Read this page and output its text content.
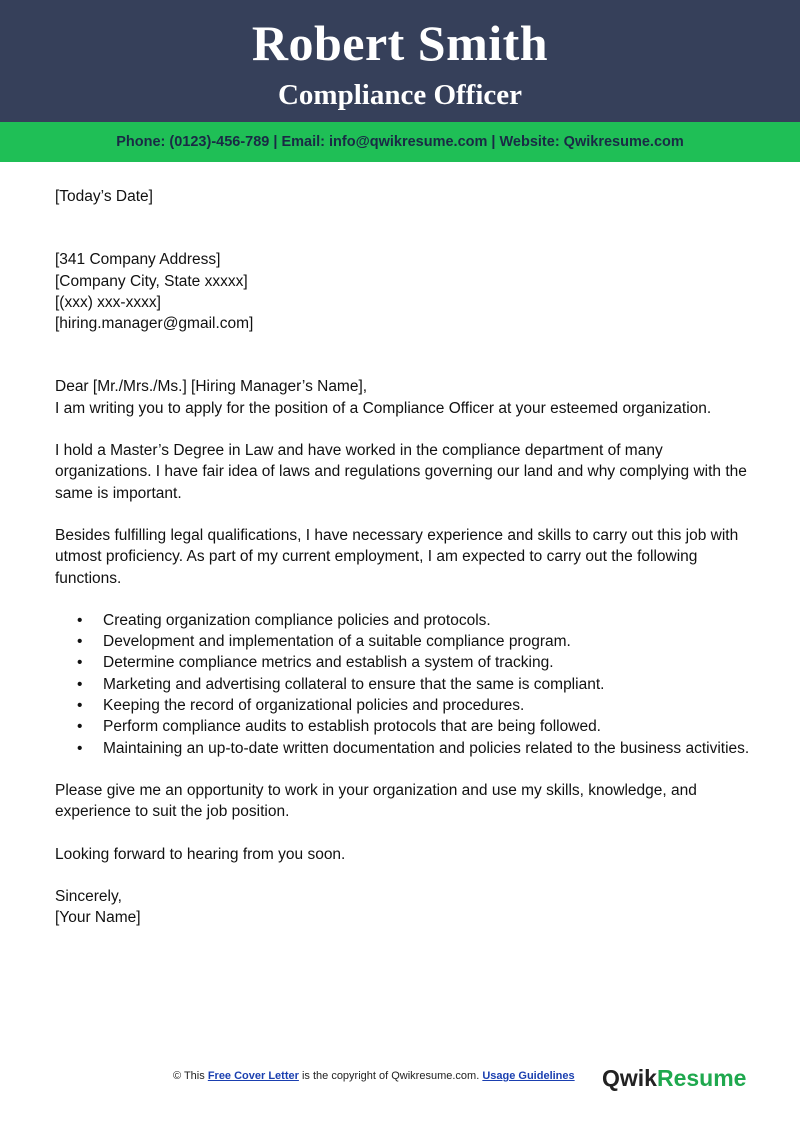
Robert Smith
Compliance Officer
Phone: (0123)-456-789 | Email: info@qwikresume.com | Website: Qwikresume.com

[Today’s Date]

[341 Company Address]

[Company City, State xxxxx]

[(xxx) xxx-xxxx]

[hiring.manager@gmail.com]

Dear [Mr./Mrs./Ms.] [Hiring Manager’s Name],

I am writing you to apply for the position of a Compliance Officer at your esteemed organization.

I hold a Master’s Degree in Law and have worked in the compliance department of many organizations. I have fair idea of laws and regulations governing our land and why complying with the same is important.

Besides fulfilling legal qualifications, I have necessary experience and skills to carry out this job with utmost proficiency. As part of my current employment, I am expected to carry out the following functions.

• Creating organization compliance policies and protocols.
• Development and implementation of a suitable compliance program.
• Determine compliance metrics and establish a system of tracking.
• Marketing and advertising collateral to ensure that the same is compliant.
• Keeping the record of organizational policies and procedures.
• Perform compliance audits to establish protocols that are being followed.
• Maintaining an up-to-date written documentation and policies related to the business activities.

Please give me an opportunity to work in your organization and use my skills, knowledge, and experience to suit the job position.

Looking forward to hearing from you soon.

Sincerely,

[Your Name]

© This Free Cover Letter is the copyright of Qwikresume.com. Usage Guidelines QwikResume
